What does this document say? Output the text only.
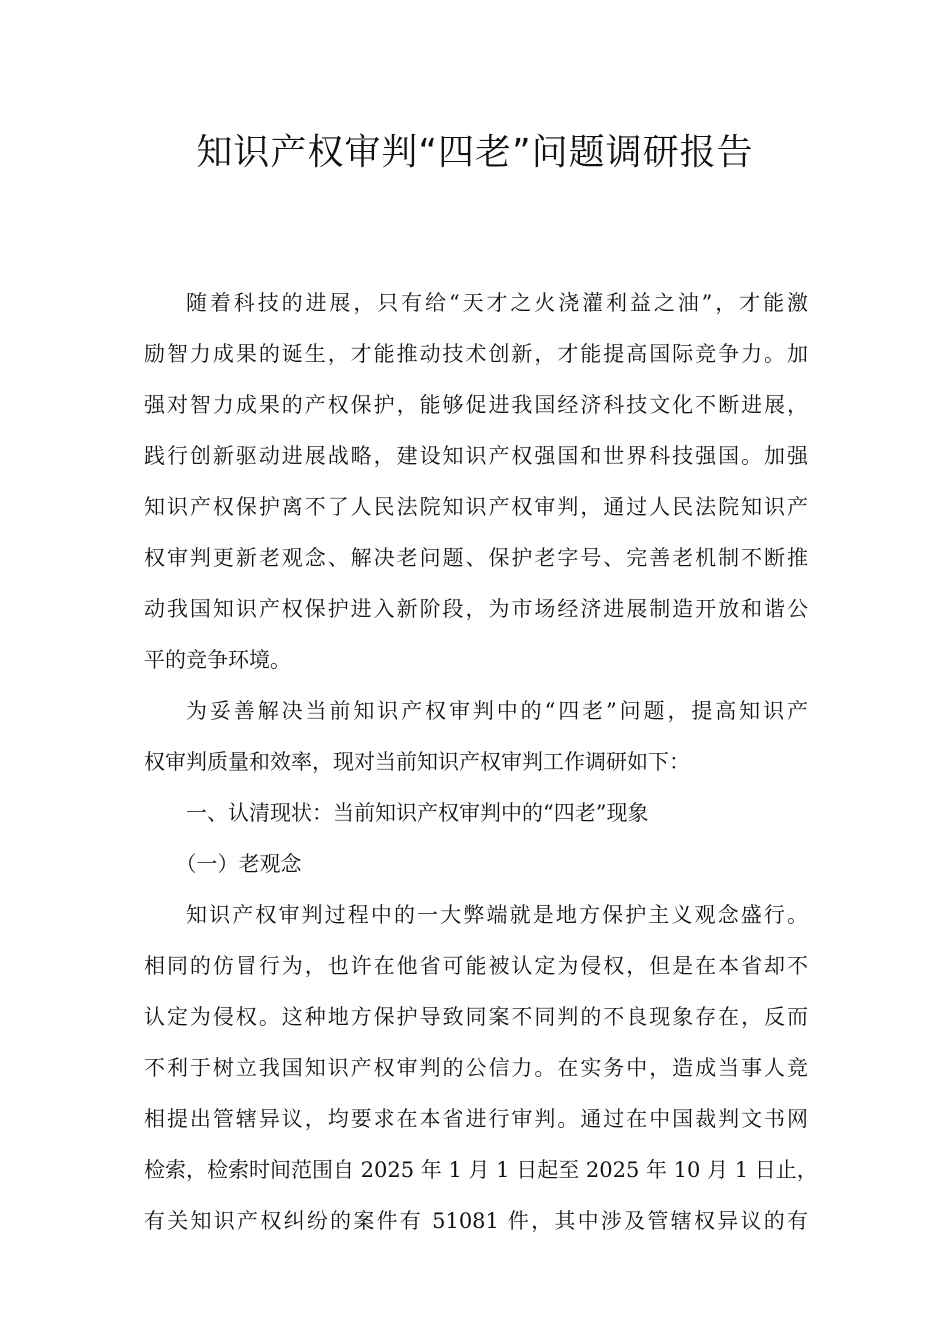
知识产权审判“四老”问题调研报告

随着科技的进展，只有给“天才之火浇灌利益之油”，才能激
励智力成果的诞生，才能推动技术创新，才能提高国际竞争力。加
强对智力成果的产权保护，能够促进我国经济科技文化不断进展，
践行创新驱动进展战略，建设知识产权强国和世界科技强国。加强
知识产权保护离不了人民法院知识产权审判，通过人民法院知识产
权审判更新老观念、解决老问题、保护老字号、完善老机制不断推
动我国知识产权保护进入新阶段，为市场经济进展制造开放和谐公
平的竞争环境。

为妥善解决当前知识产权审判中的“四老”问题，提高知识产
权审判质量和效率，现对当前知识产权审判工作调研如下：

一、认清现状：当前知识产权审判中的“四老”现象
（一）老观念

知识产权审判过程中的一大弊端就是地方保护主义观念盛行。
相同的仿冒行为，也许在他省可能被认定为侵权，但是在本省却不
认定为侵权。这种地方保护导致同案不同判的不良现象存在，反而
不利于树立我国知识产权审判的公信力。在实务中，造成当事人竞
相提出管辖异议，均要求在本省进行审判。通过在中国裁判文书网
检索，检索时间范围自 2025 年 1 月 1 日起至 2025 年 10 月 1 日止，
有关知识产权纠纷的案件有 51081 件，其中涉及管辖权异议的有
